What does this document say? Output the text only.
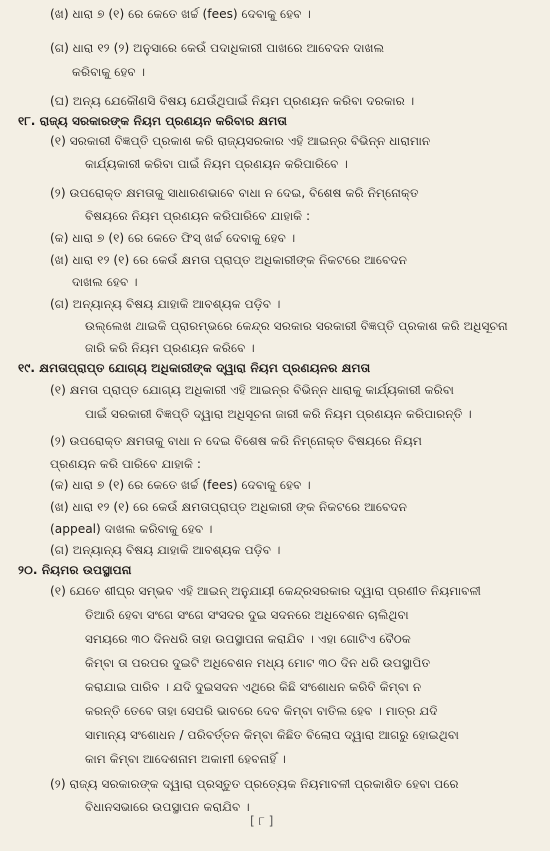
(ଖ) ଧାରା ୭ (୧) ରେ କେତେ ଖର୍ଚ୍ଚ (fees) ଦେବାକୁ ହେବ ।
(ଗ) ଧାରା ୧୨ (୨) ଅନୁସାରେ କେଉଁ ପଦାଧିକାରୀ ପାଖରେ ଆବେଦନ ଦାଖଲ
କରିବାକୁ ହେବ ।
(ଘ) ଅନ୍ୟ ଯେକୌଣସି ବିଷୟ ଯେଉଁଥିପାଇଁ ନିୟମ ପ୍ରଣୟନ କରିବା ଦରକାର ।
୧୮. ରାଜ୍ୟ ସରକାରଙ୍କ ନିୟମ ପ୍ରଣୟନ କରିବାର କ୍ଷମତା
(୧) ସରକାରୀ ବିଜ୍ଞପ୍ତି ପ୍ରକାଶ କରି ରାଜ୍ୟସରକାର ଏହି ଆଇନ୍‌ର ବିଭିନ୍ନ ଧାରାମାନ
କାର୍ଯ୍ୟକାରୀ କରିବା ପାଇଁ ନିୟମ ପ୍ରଣୟନ କରିପାରିବେ ।
(୨) ଉପରୋକ୍ତ କ୍ଷମତାକୁ ସାଧାରଣଭାବେ ବାଧା ନ ଦେଇ, ବିଶେଷ କରି ନିମ୍ନୋକ୍ତ
ବିଷୟରେ ନିୟମ ପ୍ରଣୟନ କରିପାରିବେ ଯାହାକି :
(କ) ଧାରା ୭ (୧) ରେ କେତେ ଫିସ୍ ଖର୍ଚ୍ଚ ଦେବାକୁ ହେବ ।
(ଖ) ଧାରା ୧୨ (୧) ରେ କେଉଁ କ୍ଷମତା ପ୍ରାପ୍ତ ଅଧିକାରୀଙ୍କ ନିକଟରେ ଆବେଦନ
ଦାଖଲ ହେବ ।
(ଗ) ଅନ୍ୟାନ୍ୟ ବିଷୟ ଯାହାକି ଆବଶ୍ୟକ ପଡ଼ିବ ।
ଉଲ୍ଲେଖ ଥାଇକି ପ୍ରାରମ୍ଭରେ କେନ୍ଦ୍ର ସରକାର ସରକାରୀ ବିଜ୍ଞପ୍ତି ପ୍ରକାଶ କରି ଅଧିସୂଚନା
ଜାରି କରି ନିୟମ ପ୍ରଣୟନ କରିବେ ।
୧୯. କ୍ଷମତାପ୍ରାପ୍ତ ଯୋଗ୍ୟ ଅଧିକାରୀଙ୍କ ଦ୍ୱାରା ନିୟମ ପ୍ରଣୟନର କ୍ଷମତା
(୧) କ୍ଷମତା ପ୍ରାପ୍ତ ଯୋଗ୍ୟ ଅଧିକାରୀ ଏହି ଆଇନ୍‌ର ବିଭିନ୍ନ ଧାରାକୁ କାର୍ଯ୍ୟକାରୀ କରିବା
ପାଇଁ ସରକାରୀ ବିଜ୍ଞପ୍ତି ଦ୍ୱାରା ଅଧିସୂଚନା ଜାରୀ କରି ନିୟମ ପ୍ରଣୟନ କରିପାରନ୍ତି ।
(୨) ଉପରୋକ୍ତ କ୍ଷମତାକୁ ବାଧା ନ ଦେଇ ବିଶେଷ କରି ନିମ୍ନୋକ୍ତ ବିଷୟରେ ନିୟମ
ପ୍ରଣୟନ କରି ପାରିବେ ଯାହାକି :
(କ) ଧାରା ୭ (୧) ରେ କେତେ ଖର୍ଚ୍ଚ (fees) ଦେବାକୁ ହେବ ।
(ଖ) ଧାରା ୧୨ (୧) ରେ କେଉଁ କ୍ଷମତାପ୍ରାପ୍ତ ଅଧିକାରୀ ଙ୍କ ନିକଟରେ ଆବେଦନ
(appeal) ଦାଖଲ କରିବାକୁ ହେବ ।
(ଗ) ଅନ୍ୟାନ୍ୟ ବିଷୟ ଯାହାକି ଆବଶ୍ୟକ ପଡ଼ିବ ।
୨୦. ନିୟମର ଉପସ୍ଥାପନା
(୧) ଯେତେ ଶୀଘ୍ର ସମ୍ଭବ ଏହି ଆଇନ୍ ଅନୁଯାୟୀ କେନ୍ଦ୍ରସରକାର ଦ୍ୱାରା ପ୍ରଣୀତ ନିୟମାବଳୀ
ତିଆରି ହେବା ସଂଗେ ସଂଗେ ସଂସଦର ଦୁଇ ସଦନରେ ଅଧିବେଶନ ଚାଲିଥିବା
ସମୟରେ ୩୦ ଦିନଧରି ତାହା ଉପସ୍ଥାପନା କରାଯିବ । ଏହା ଗୋଟିଏ ବୈଠକ
କିମ୍ବା ତା ପରପର ଦୁଇଟି ଅଧିବେଶନ ମଧ୍ୟ ମୋଟ ୩୦ ଦିନ ଧରି ଉପସ୍ଥାପିତ
କରାଯାଇ ପାରିବ । ଯଦି ଦୁଇସଦନ ଏଥିରେ କିଛି ସଂଶୋଧନ କରିବି କିମ୍ବା ନ
କରନ୍ତି ତେବେ ତାହା ସେପରି ଭାବରେ ଦେବ କିମ୍ବା ବାତିଲ ହେବ । ମାତ୍ର ଯଦି
ସାମାନ୍ୟ ସଂଶୋଧନ / ପରିବର୍ତ୍ତନ କିମ୍ବା କିଛିତ ବିଲୋପ ଦ୍ୱାରା ଆଗରୁ ହୋଇଥିବା
କାମ କିମ୍ବା ଆଦେଶନାମ ଅକାମୀ ହେବନାହିଁ ।
(୨) ରାଜ୍ୟ ସରକାରଙ୍କ ଦ୍ୱାରା ପ୍ରସ୍ତୁତ ପ୍ରତ୍ୟେକ ନିୟମାବଳୀ ପ୍ରକାଶିତ ହେବା ପରେ
ବିଧାନସଭାରେ ଉପସ୍ଥାପନ କରାଯିବ ।
[ ୮ ]
